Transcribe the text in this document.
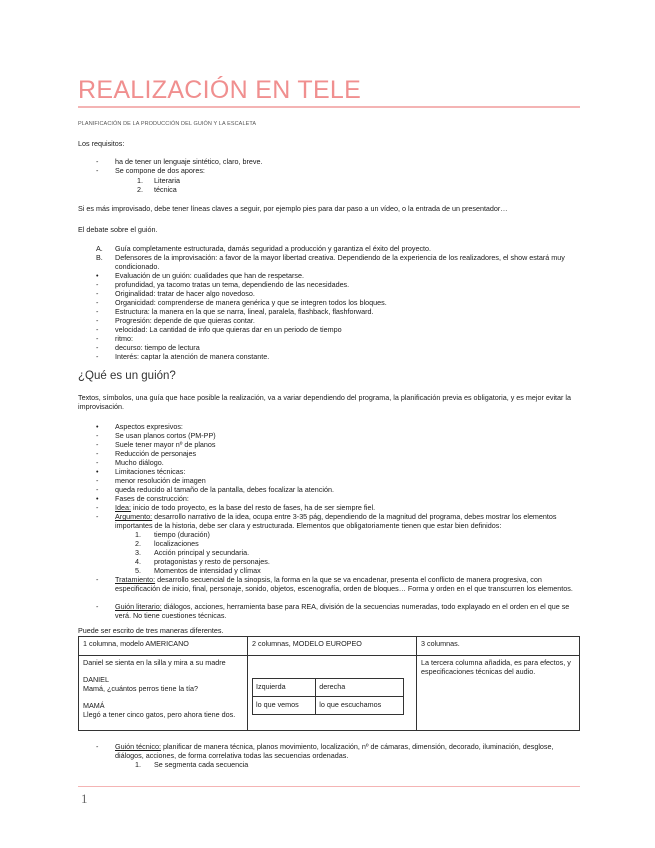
REALIZACIÓN EN TELE
PLANIFICACIÓN DE LA PRODUCCIÓN DEL GUIÓN Y LA ESCALETA
Los requisitos:
- ha de tener un lenguaje sintético, claro, breve.
- Se compone de dos apores:
1. Literaria
2. técnica
Si es más improvisado, debe tener líneas claves a seguir, por ejemplo pies para dar paso a un vídeo, o la entrada de un presentador…
El debate sobre el guión.
A. Guía completamente estructurada, damás seguridad a producción y garantiza el éxito del proyecto.
B. Defensores de la improvisación: a favor de la mayor libertad creativa. Dependiendo de la experiencia de los realizadores, el show estará muy condicionado.
• Evaluación de un guión: cualidades que han de respetarse.
- profundidad, ya tacomo tratas un tema, dependiendo de las necesidades.
- Originalidad: tratar de hacer algo novedoso.
- Organicidad: comprenderse de manera genérica y que se integren todos los bloques.
- Estructura: la manera en la que se narra, lineal, paralela, flashback, flashforward.
- Progresión: depende de que quieras contar.
- velocidad: La cantidad de info que quieras dar en un periodo de tiempo
- ritmo:
- decurso: tiempo de lectura
- Interés: captar la atención de manera constante.
¿Qué es un guión?
Textos, símbolos, una guía que hace posible la realización, va a variar dependiendo del programa, la planificación previa es obligatoria, y es mejor evitar la improvisación.
• Aspectos expresivos:
- Se usan planos cortos (PM-PP)
- Suele tener mayor nº de planos
- Reducción de personajes
- Mucho diálogo.
• Limitaciones técnicas:
- menor resolución de imagen
- queda reducido al tamaño de la pantalla, debes focalizar la atención.
• Fases de construcción:
- Idea: inicio de todo proyecto, es la base del resto de fases, ha de ser siempre fiel.
- Argumento: desarrollo narrativo de la idea, ocupa entre 3-35 pág, dependiendo de la magnitud del programa, debes mostrar los elementos importantes de la historia, debe ser clara y estructurada. Elementos que obligatoriamente tienen que estar bien definidos:
1. tiempo (duración)
2. localizaciones
3. Acción principal y secundaria.
4. protagonistas y resto de personajes.
5. Momentos de intensidad y clímax
- Tratamiento: desarrollo secuencial de la sinopsis, la forma en la que se va encadenar, presenta el conflicto de manera progresiva, con especificación de inicio, final, personaje, sonido, objetos, escenografía, orden de bloques… Forma y orden en el que transcurren los elementos.
- Guión literario: diálogos, acciones, herramienta base para REA, división de la secuencias numeradas, todo explayado en el orden en el que se verá. No tiene cuestiones técnicas.
Puede ser escrito de tres maneras diferentes.
1 columna, modelo AMERICANO	2 columnas, MODELO EUROPEO	3 columnas.

Daniel se sienta en la silla y mira a su madre
DANIEL
Mamá, ¿cuántos perros tiene la tía?
MAMÁ
Llegó a tener cinco gatos, pero ahora tiene dos.

Izquierda	derecha
lo que vemos	lo que escuchamos
	La tercera columna añadida, es para efectos, y especificaciones técnicas del audio.
- Guión técnico: planificar de manera técnica, planos movimiento, localización, nº de cámaras, dimensión, decorado, iluminación, desglose, diálogos, acciones, de forma correlativa todas las secuencias ordenadas.
1. Se segmenta cada secuencia
1
